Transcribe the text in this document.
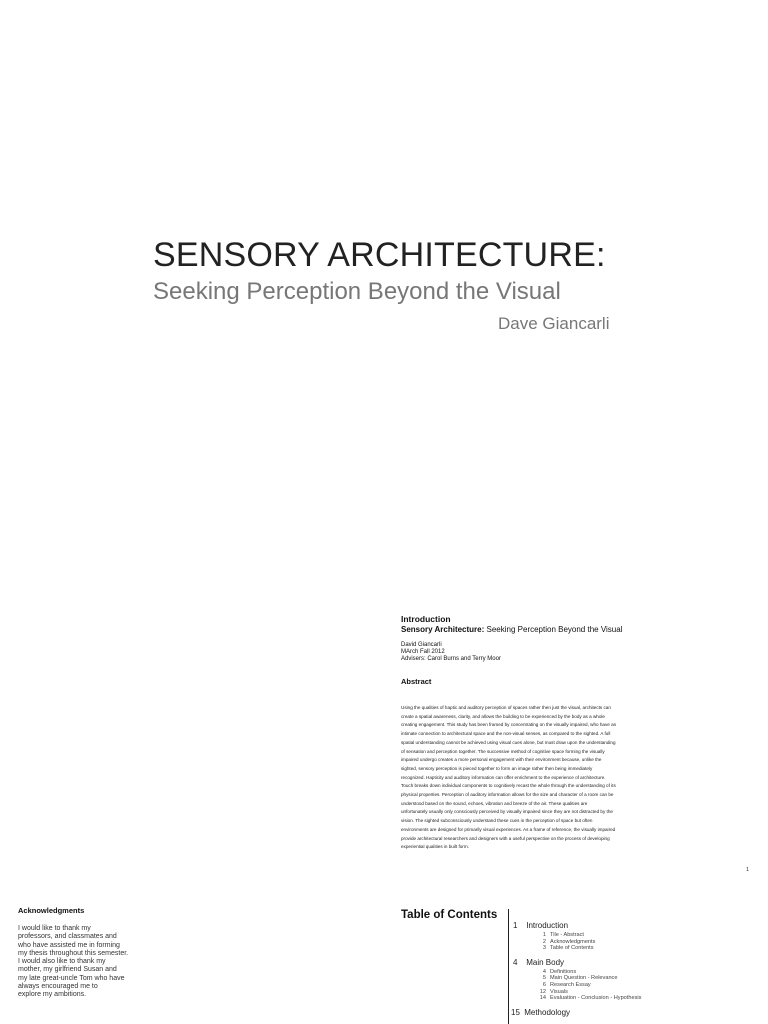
SENSORY ARCHITECTURE:
Seeking Perception Beyond the Visual
Dave Giancarli
Introduction
Sensory Architecture: Seeking Perception Beyond the Visual
David Giancarli
MArch Fall 2012
Advisers: Carol Burns and Terry Moor
Abstract
Using the qualities of haptic and auditory perception of spaces rather then just the visual, architects can
create a spatial awareness, clarity, and allows the building to be experienced by the body as a whole
creating engagement. This study has been framed by concentrating on the visually impaired, who have an
intimate connection to architectural space and the non-visual senses, as compared to the sighted. A full
spatial understanding cannot be achieved using visual cues alone, but must draw upon the understanding
of sensation and perception together. The successive method of cognitive space forming the visually
impaired undergo creates a more personal engagement with their environment because, unlike the
sighted, sensory perception is pieced together to form an image rather then being immediately
recognized. Hapticity and auditory information can offer enrichment to the experience of architecture.
Touch breaks down individual components to cognitively recast the whole through the understanding of its
physical properties. Perception of auditory information allows for the size and character of a room can be
understood based on the sound, echoes, vibration and breeze of the air. These qualities are
unfortunately usually only consciously perceived by visually impaired since they are not distracted by the
vision. The sighted subconsciously understand these cues in the perception of space but often
environments are designed for primarily visual experiences. As a frame of reference, the visually impaired
provide architectural researchers and designers with a useful perspective on the process of developing
experiential qualities in built form.
1
Acknowledgments
I would like to thank my
professors, and classmates and
who have assisted me in forming
my thesis throughout this semester.
I would also like to thank my
mother, my girlfriend Susan and
my late great-uncle Tom who have
always encouraged me to
explore my ambitions.
Table of Contents
1 Introduction
1 Tile - Abstract
2 Acknowledgments
3 Table of Contents
4 Main Body
4 Definitions
5 Main Question - Relevance
6 Research Essay
12 Visuals
14 Evaluation - Conclusion - Hypothesis
15 Methodology
